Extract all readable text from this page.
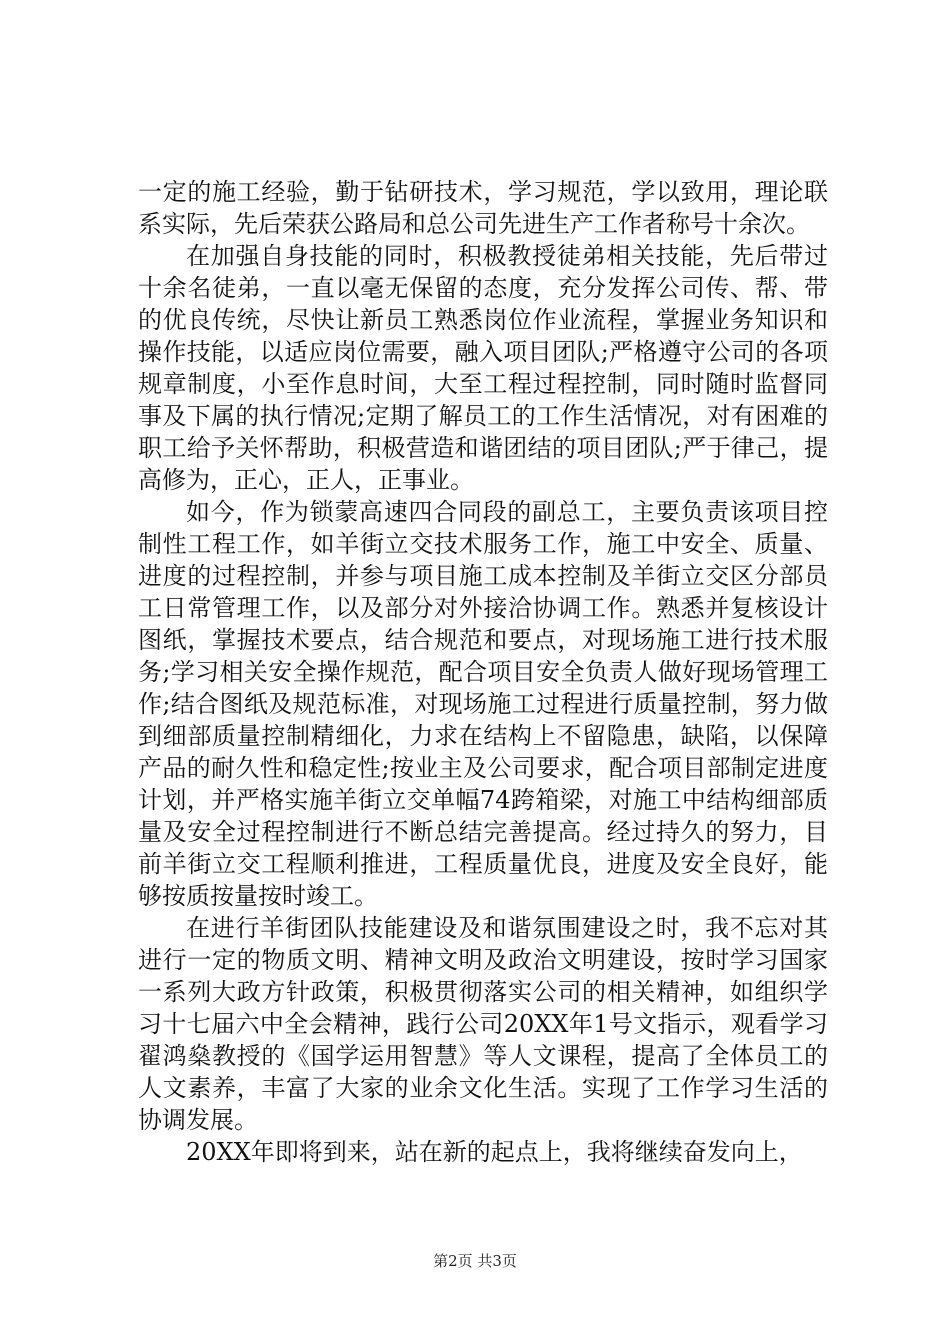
一定的施工经验，勤于钻研技术，学习规范，学以致用，理论联系实际，先后荣获公路局和总公司先进生产工作者称号十余次。

在加强自身技能的同时，积极教授徒弟相关技能，先后带过十余名徒弟，一直以毫无保留的态度，充分发挥公司传、帮、带的优良传统，尽快让新员工熟悉岗位作业流程，掌握业务知识和操作技能，以适应岗位需要，融入项目团队;严格遵守公司的各项规章制度，小至作息时间，大至工程过程控制，同时随时监督同事及下属的执行情况;定期了解员工的工作生活情况，对有困难的职工给予关怀帮助，积极营造和谐团结的项目团队;严于律己，提高修为，正心，正人，正事业。

如今，作为锁蒙高速四合同段的副总工，主要负责该项目控制性工程工作，如羊街立交技术服务工作，施工中安全、质量、进度的过程控制，并参与项目施工成本控制及羊街立交区分部员工日常管理工作，以及部分对外接洽协调工作。熟悉并复核设计图纸，掌握技术要点，结合规范和要点，对现场施工进行技术服务;学习相关安全操作规范，配合项目安全负责人做好现场管理工作;结合图纸及规范标准，对现场施工过程进行质量控制，努力做到细部质量控制精细化，力求在结构上不留隐患，缺陷，以保障产品的耐久性和稳定性;按业主及公司要求，配合项目部制定进度计划，并严格实施羊街立交单幅74跨箱梁，对施工中结构细部质量及安全过程控制进行不断总结完善提高。经过持久的努力，目前羊街立交工程顺利推进，工程质量优良，进度及安全良好，能够按质按量按时竣工。

在进行羊街团队技能建设及和谐氛围建设之时，我不忘对其进行一定的物质文明、精神文明及政治文明建设，按时学习国家一系列大政方针政策，积极贯彻落实公司的相关精神，如组织学习十七届六中全会精神，践行公司20XX年1号文指示，观看学习翟鸿燊教授的《国学运用智慧》等人文课程，提高了全体员工的人文素养，丰富了大家的业余文化生活。实现了工作学习生活的协调发展。

20XX年即将到来，站在新的起点上，我将继续奋发向上，

第2页 共3页
